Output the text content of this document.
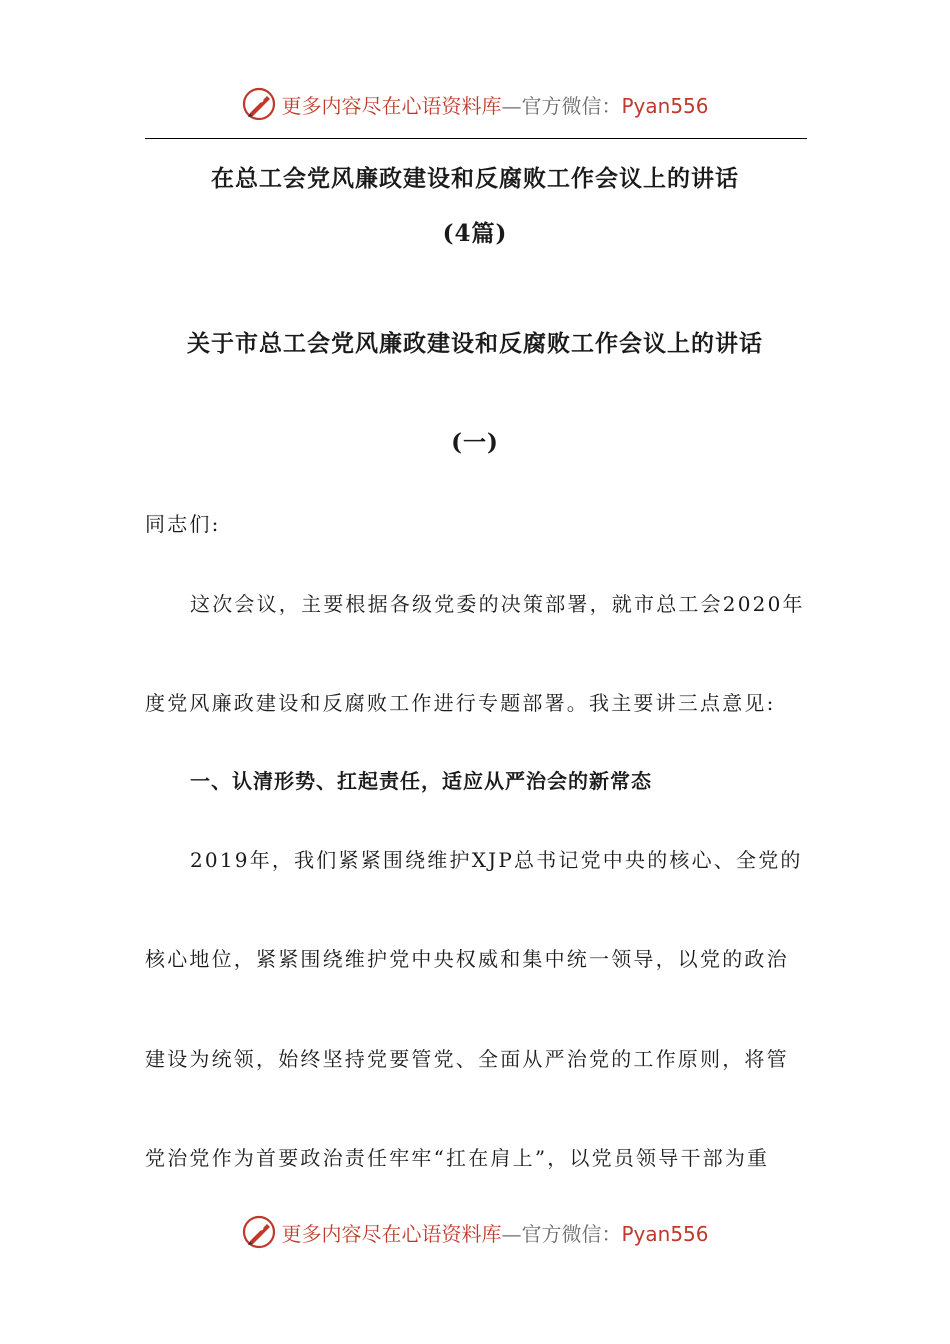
更多内容尽在心语资料库—官方微信：Pyan556
在总工会党风廉政建设和反腐败工作会议上的讲话
(4篇)
关于市总工会党风廉政建设和反腐败工作会议上的讲话
(一)
同志们:
这次会议，主要根据各级党委的决策部署，就市总工会2020年
度党风廉政建设和反腐败工作进行专题部署。我主要讲三点意见:
一、认清形势、扛起责任，适应从严治会的新常态
2019年，我们紧紧围绕维护XJP总书记党中央的核心、全党的
核心地位，紧紧围绕维护党中央权威和集中统一领导，以党的政治
建设为统领，始终坚持党要管党、全面从严治党的工作原则，将管
党治党作为首要政治责任牢牢“扛在肩上”，以党员领导干部为重
更多内容尽在心语资料库—官方微信：Pyan556
